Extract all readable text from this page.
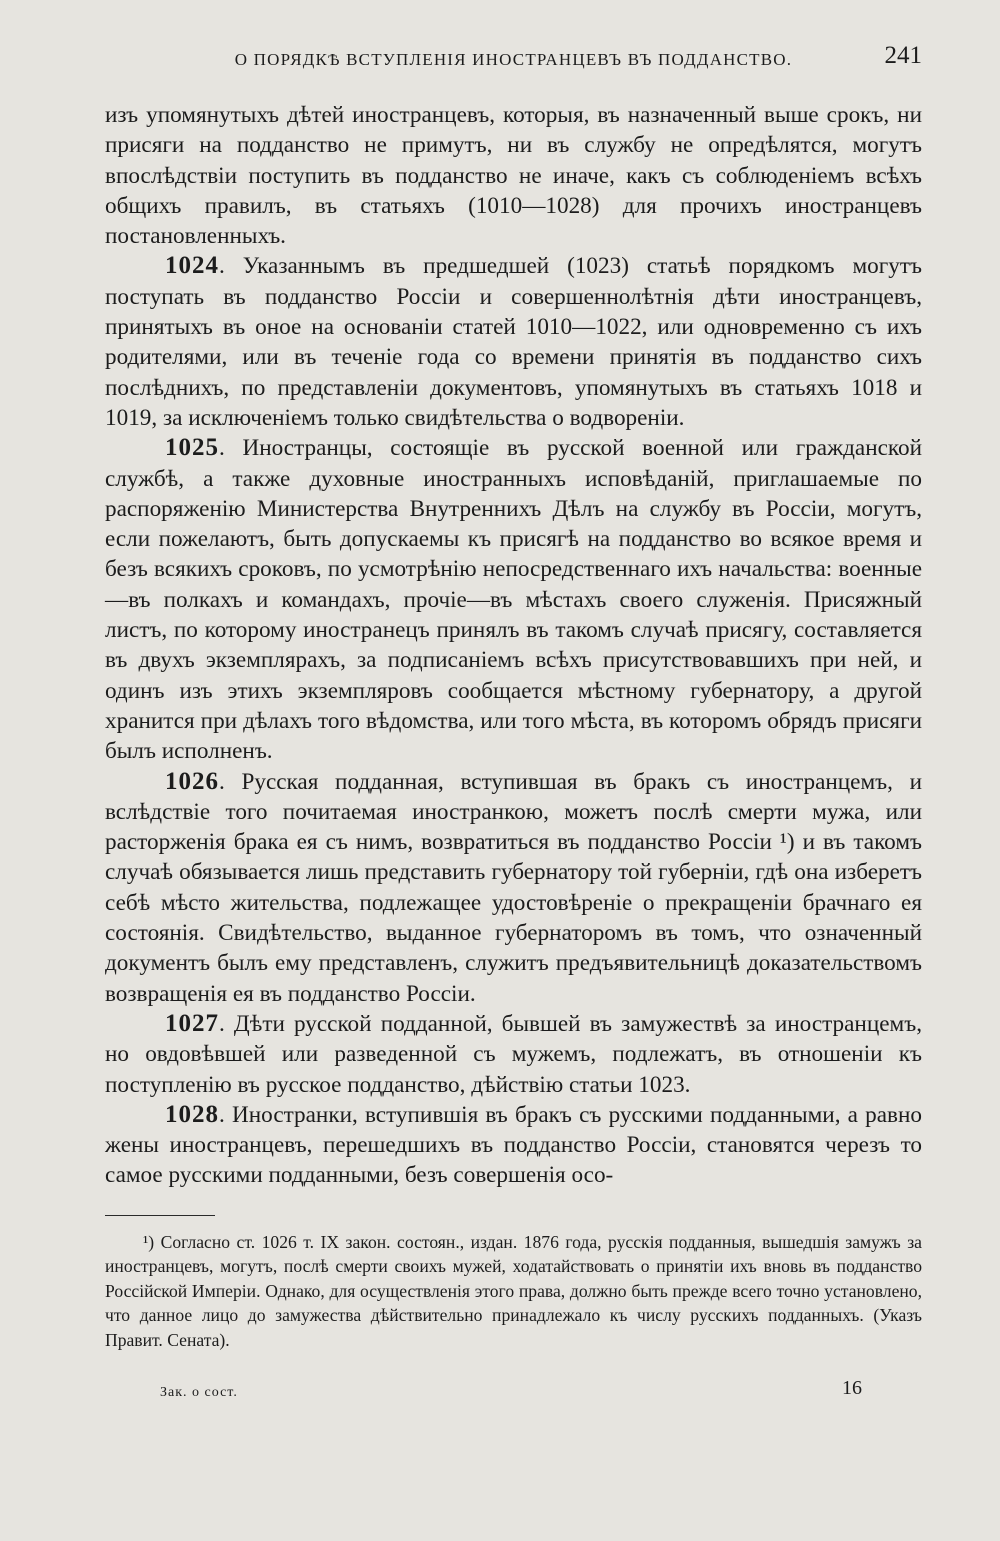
О ПОРЯДКѢ ВСТУПЛЕНІЯ ИНОСТРАНЦЕВЪ ВЪ ПОДДАНСТВО.	241

изъ упомянутыхъ дѣтей иностранцевъ, которыя, въ назначенный выше срокъ, ни присяги на подданство не примутъ, ни въ службу не опредѣлятся, могутъ впослѣдствіи поступить въ подданство не иначе, какъ съ соблюденіемъ всѣхъ общихъ правилъ, въ статьяхъ (1010—1028) для прочихъ иностранцевъ постановленныхъ.

1024. Указаннымъ въ предшедшей (1023) статьѣ порядкомъ могутъ поступать въ подданство Россіи и совершеннолѣтнія дѣти иностранцевъ, принятыхъ въ оное на основаніи статей 1010—1022, или одновременно съ ихъ родителями, или въ теченіе года со времени принятія въ подданство сихъ послѣднихъ, по представленіи документовъ, упомянутыхъ въ статьяхъ 1018 и 1019, за исключеніемъ только свидѣтельства о водвореніи.

1025. Иностранцы, состоящіе въ русской военной или гражданской службѣ, а также духовные иностранныхъ исповѣданій, приглашаемые по распоряженію Министерства Внутреннихъ Дѣлъ на службу въ Россіи, могутъ, если пожелаютъ, быть допускаемы къ присягѣ на подданство во всякое время и безъ всякихъ сроковъ, по усмотрѣнію непосредственнаго ихъ начальства: военные—въ полкахъ и командахъ, прочіе—въ мѣстахъ своего служенія. Присяжный листъ, по которому иностранецъ принялъ въ такомъ случаѣ присягу, составляется въ двухъ экземплярахъ, за подписаніемъ всѣхъ присутствовавшихъ при ней, и одинъ изъ этихъ экземпляровъ сообщается мѣстному губернатору, а другой хранится при дѣлахъ того вѣдомства, или того мѣста, въ которомъ обрядъ присяги былъ исполненъ.

1026. Русская подданная, вступившая въ бракъ съ иностранцемъ, и вслѣдствіе того почитаемая иностранкою, можетъ послѣ смерти мужа, или расторженія брака ея съ нимъ, возвратиться въ подданство Россіи ¹) и въ такомъ случаѣ обязывается лишь представить губернатору той губерніи, гдѣ она изберетъ себѣ мѣсто жительства, подлежащее удостовѣреніе о прекращеніи брачнаго ея состоянія. Свидѣтельство, выданное губернаторомъ въ томъ, что означенный документъ былъ ему представленъ, служитъ предъявительницѣ доказательствомъ возвращенія ея въ подданство Россіи.

1027. Дѣти русской подданной, бывшей въ замужествѣ за иностранцемъ, но овдовѣвшей или разведенной съ мужемъ, подлежатъ, въ отношеніи къ поступленію въ русское подданство, дѣйствію статьи 1023.

1028. Иностранки, вступившія въ бракъ съ русскими подданными, а равно жены иностранцевъ, перешедшихъ въ подданство Россіи, становятся черезъ то самое русскими подданными, безъ совершенія осо-

¹) Согласно ст. 1026 т. IX закон. состоян., издан. 1876 года, русскія подданныя, вышедшія замужъ за иностранцевъ, могутъ, послѣ смерти своихъ мужей, ходатайствовать о принятіи ихъ вновь въ подданство Россійской Имперіи. Однако, для осуществленія этого права, должно быть прежде всего точно установлено, что данное лицо до замужества дѣйствительно принадлежало къ числу русскихъ подданныхъ. (Указъ Правит. Сената).

Зак. о сост.	16
